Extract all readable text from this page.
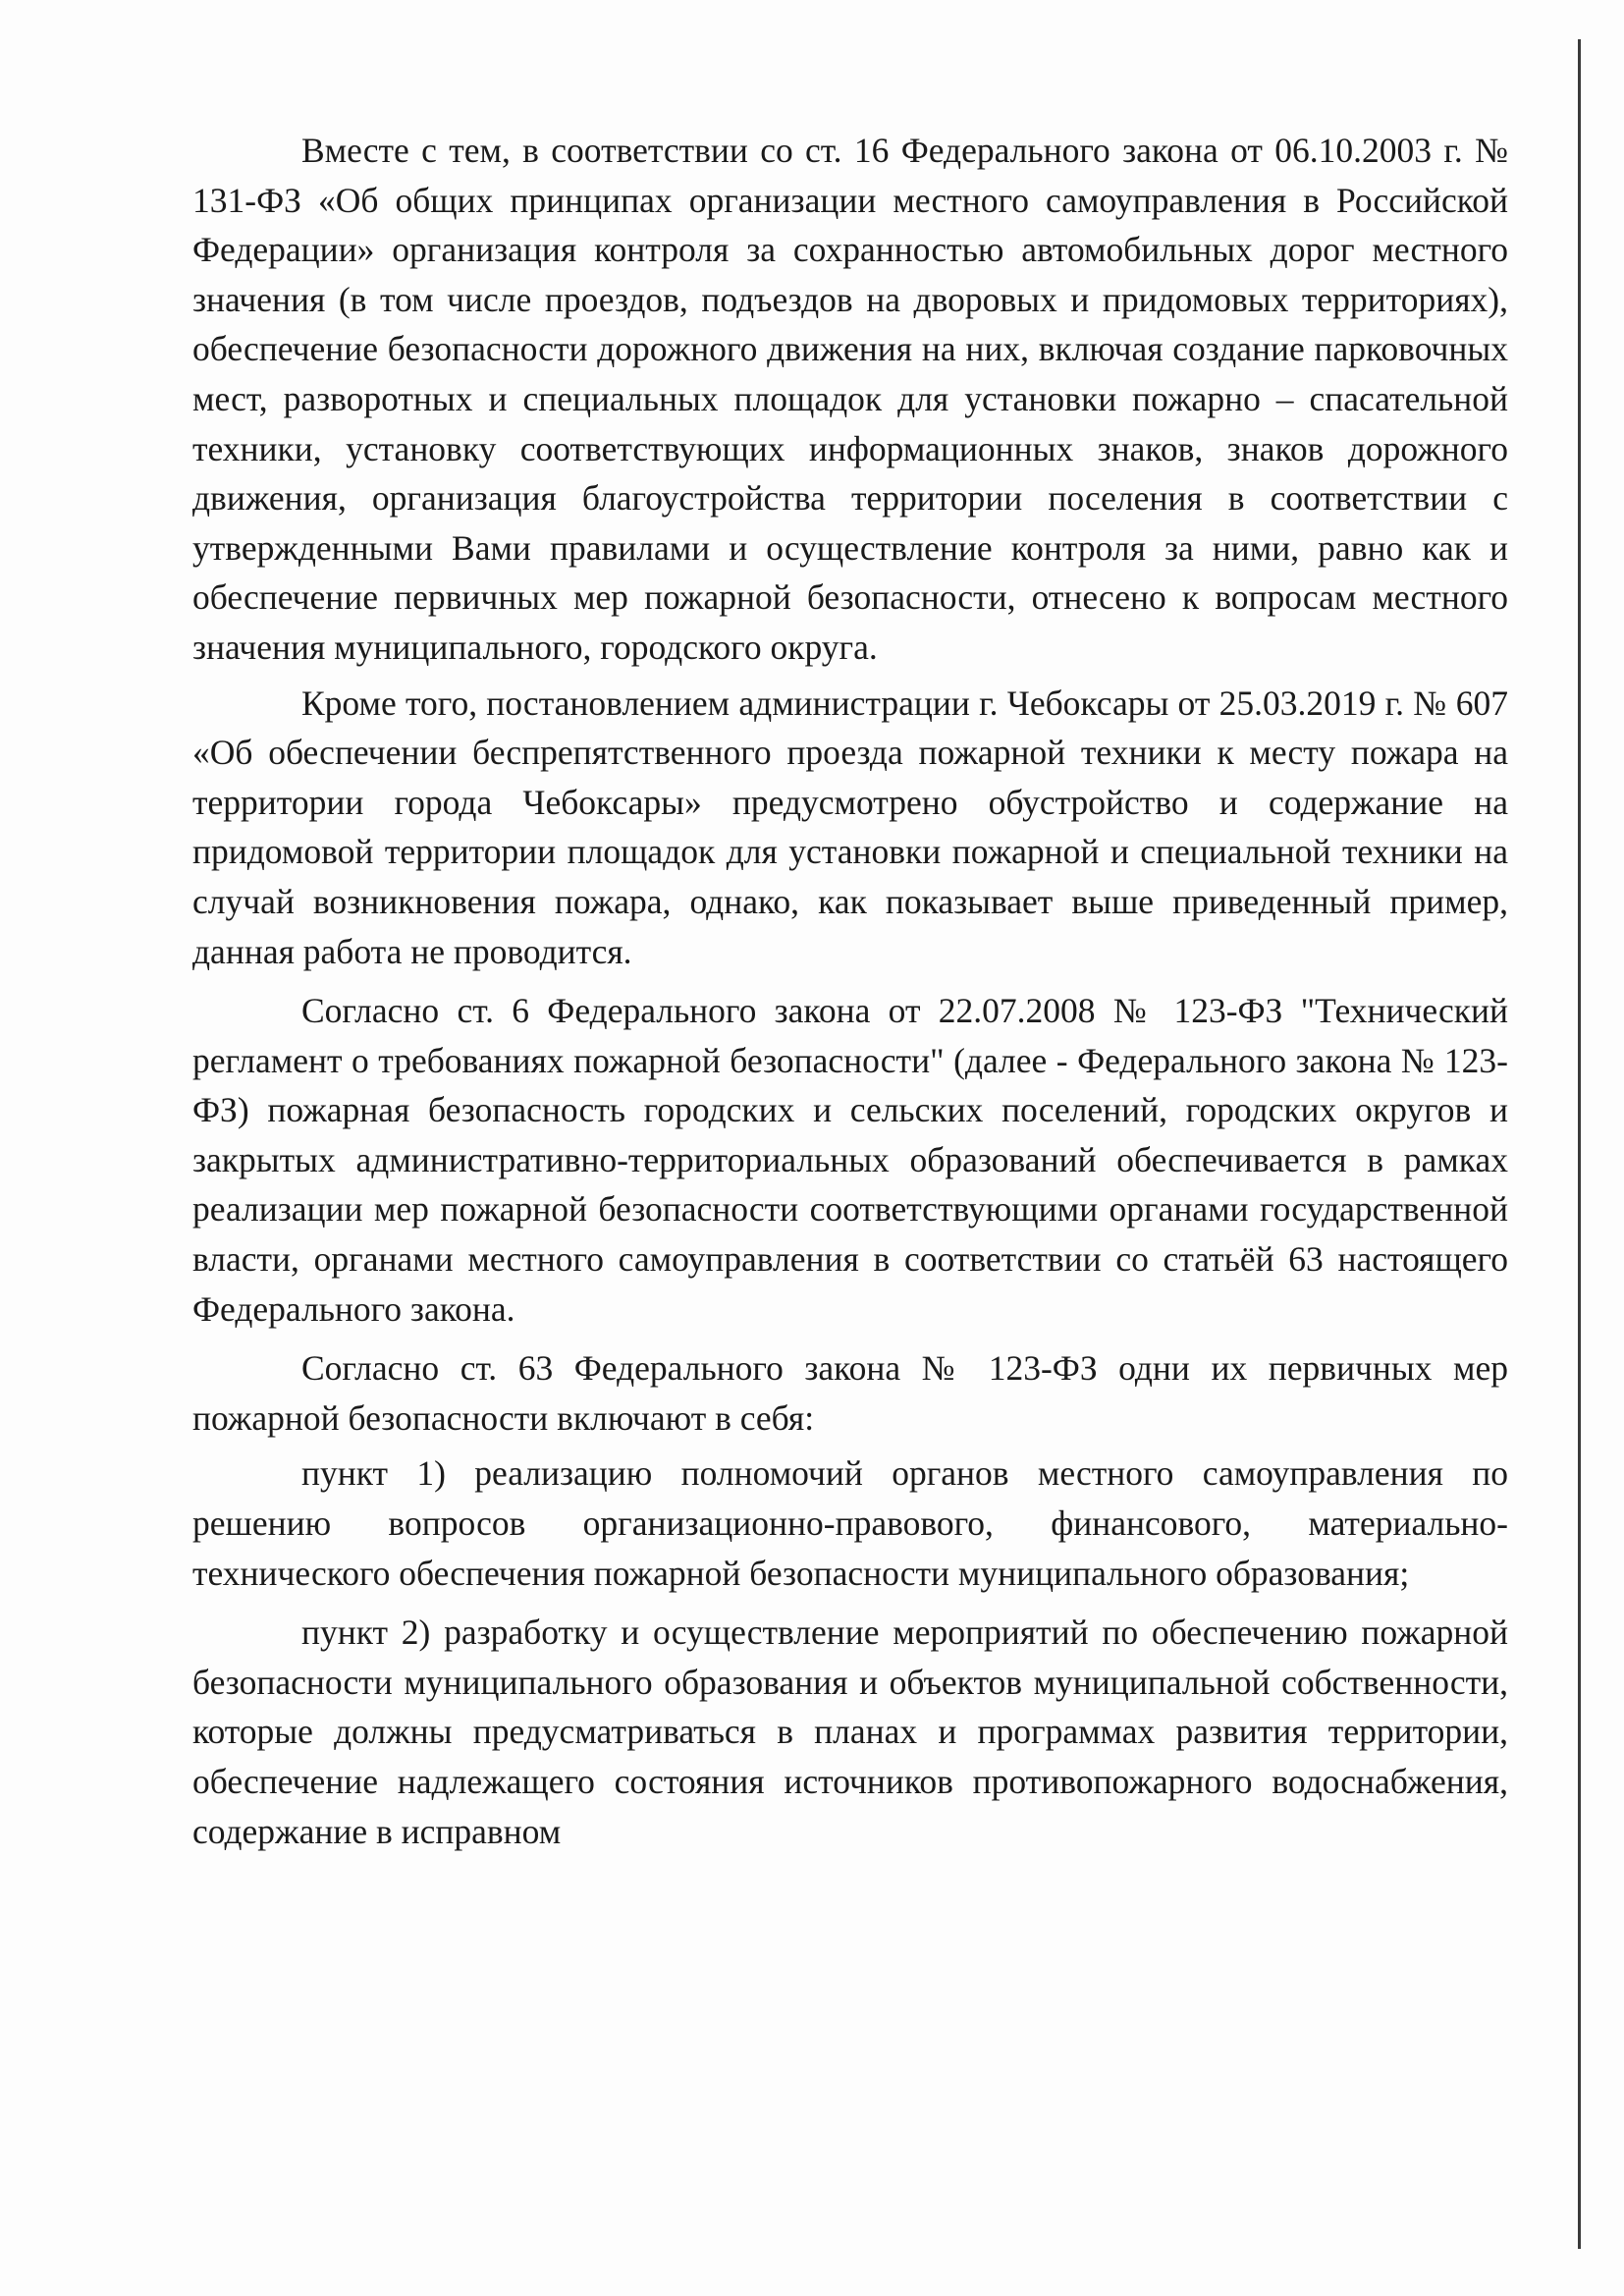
Вместе с тем, в соответствии со ст. 16 Федерального закона от 06.10.2003 г. № 131-ФЗ «Об общих принципах организации местного самоуправления в Российской Федерации» организация контроля за сохранностью автомобильных дорог местного значения (в том числе проездов, подъездов на дворовых и придомовых территориях), обеспечение безопасности дорожного движения на них, включая создание парковочных мест, разворотных и специальных площадок для установки пожарно – спасательной техники, установку соответствующих информационных знаков, знаков дорожного движения, организация благоустройства территории поселения в соответствии с утвержденными Вами правилами и осуществление контроля за ними, равно как и обеспечение первичных мер пожарной безопасности, отнесено к вопросам местного значения муниципального, городского округа.

Кроме того, постановлением администрации г. Чебоксары от 25.03.2019 г. № 607 «Об обеспечении беспрепятственного проезда пожарной техники к месту пожара на территории города Чебоксары» предусмотрено обустройство и содержание на придомовой территории площадок для установки пожарной и специальной техники на случай возникновения пожара, однако, как показывает выше приведенный пример, данная работа не проводится.

Согласно ст. 6 Федерального закона от 22.07.2008 № 123-ФЗ "Технический регламент о требованиях пожарной безопасности" (далее - Федерального закона № 123-ФЗ) пожарная безопасность городских и сельских поселений, городских округов и закрытых административно-территориальных образований обеспечивается в рамках реализации мер пожарной безопасности соответствующими органами государственной власти, органами местного самоуправления в соответствии со статьёй 63 настоящего Федерального закона.

Согласно ст. 63 Федерального закона № 123-ФЗ одни их первичных мер пожарной безопасности включают в себя:

пункт 1) реализацию полномочий органов местного самоуправления по решению вопросов организационно-правового, финансового, материально-технического обеспечения пожарной безопасности муниципального образования;

пункт 2) разработку и осуществление мероприятий по обеспечению пожарной безопасности муниципального образования и объектов муниципальной собственности, которые должны предусматриваться в планах и программах развития территории, обеспечение надлежащего состояния источников противопожарного водоснабжения, содержание в исправном
